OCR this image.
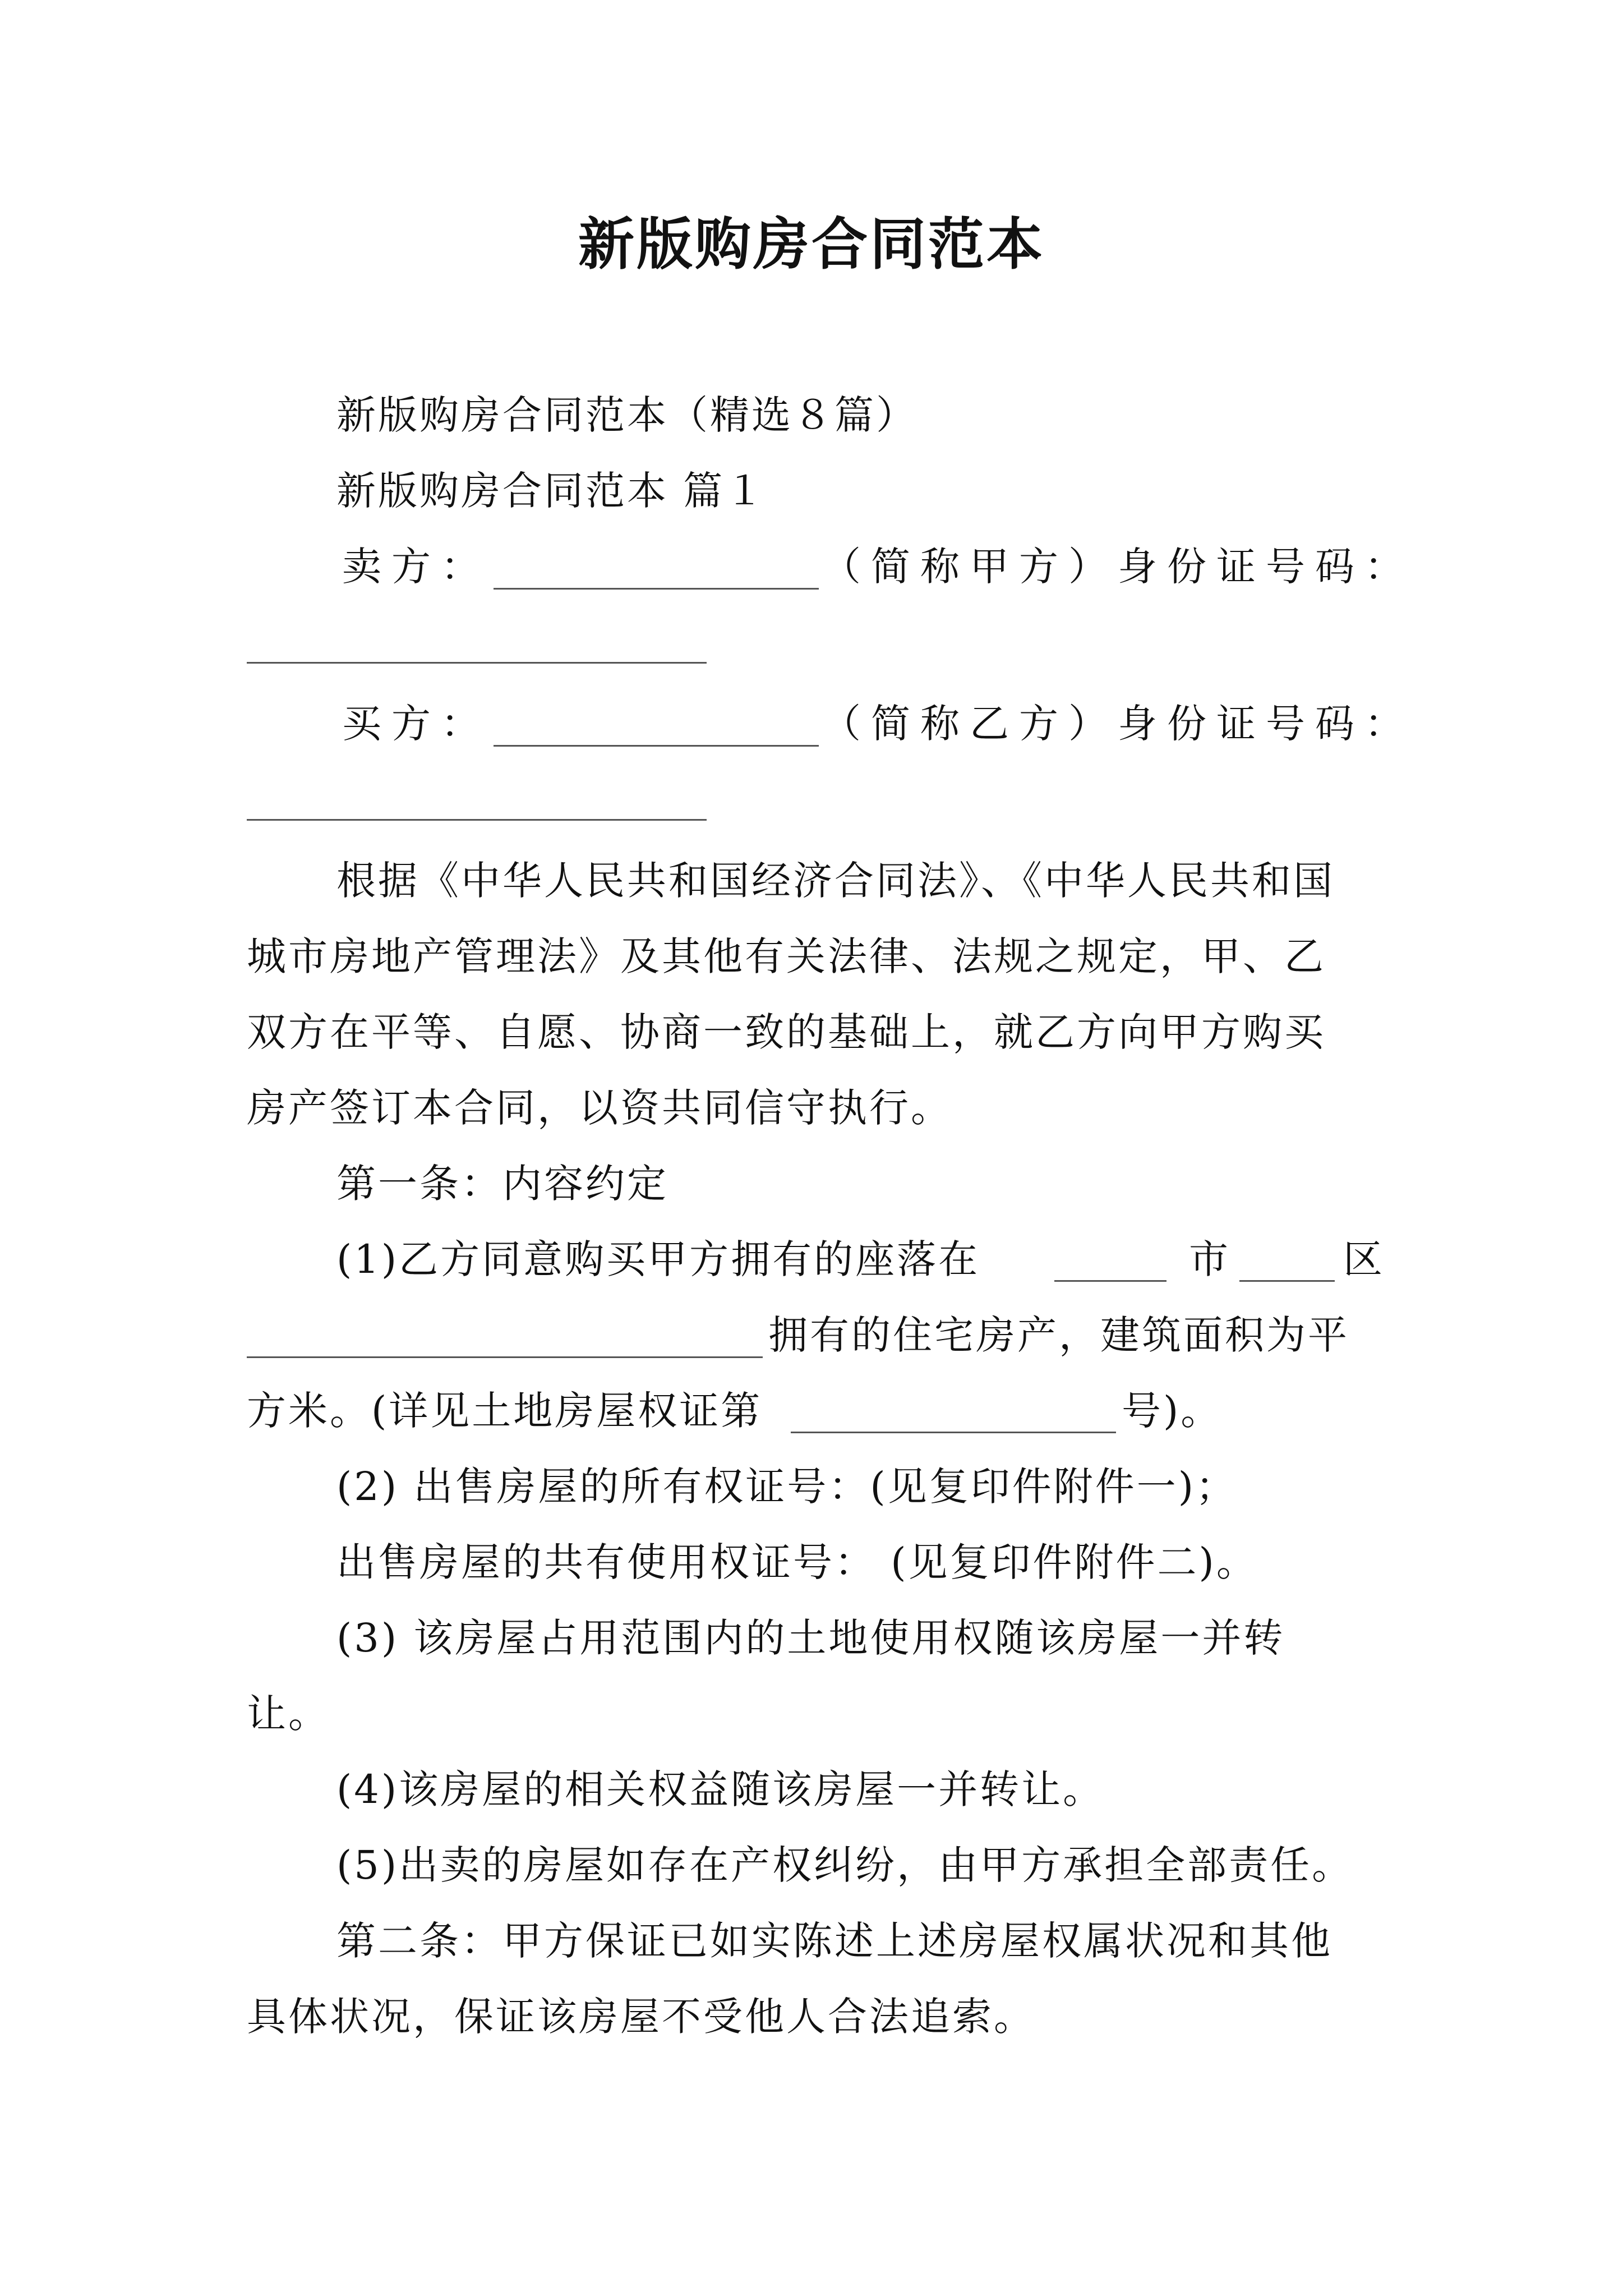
新版购房合同范本
新版购房合同范本（精选８篇）
新版购房合同范本 篇１
卖方：	（简称甲方）身份证号码：
买方：	（简称乙方）身份证号码：
根据《中华人民共和国经济合同法》、《中华人民共和国
城市房地产管理法》及其他有关法律、法规之规定，甲、乙
双方在平等、自愿、协商一致的基础上，就乙方向甲方购买
房产签订本合同，以资共同信守执行。
第一条：内容约定
(1)乙方同意购买甲方拥有的座落在	市	区
拥有的住宅房产，建筑面积为平
方米。(详见土地房屋权证第	号)。
(2) 出售房屋的所有权证号：(见复印件附件一)；
出售房屋的共有使用权证号： (见复印件附件二)。
(3) 该房屋占用范围内的土地使用权随该房屋一并转
让。
(4)该房屋的相关权益随该房屋一并转让。
(5)出卖的房屋如存在产权纠纷，由甲方承担全部责任。
第二条：甲方保证已如实陈述上述房屋权属状况和其他
具体状况，保证该房屋不受他人合法追索。
